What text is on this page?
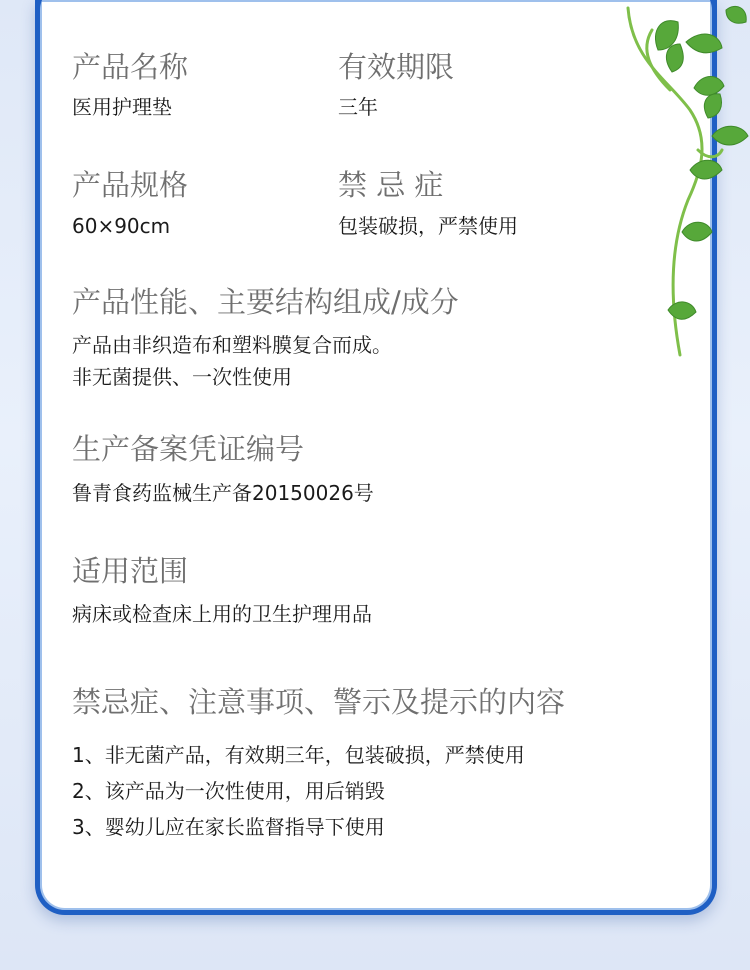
产品名称
医用护理垫
有效期限
三年
产品规格
60×90cm
禁 忌 症
包装破损，严禁使用
产品性能、主要结构组成/成分
产品由非织造布和塑料膜复合而成。
非无菌提供、一次性使用
生产备案凭证编号
鲁青食药监械生产备20150026号
适用范围
病床或检查床上用的卫生护理用品
禁忌症、注意事项、警示及提示的内容
1、非无菌产品，有效期三年，包装破损，严禁使用
2、该产品为一次性使用，用后销毁
3、婴幼儿应在家长监督指导下使用
